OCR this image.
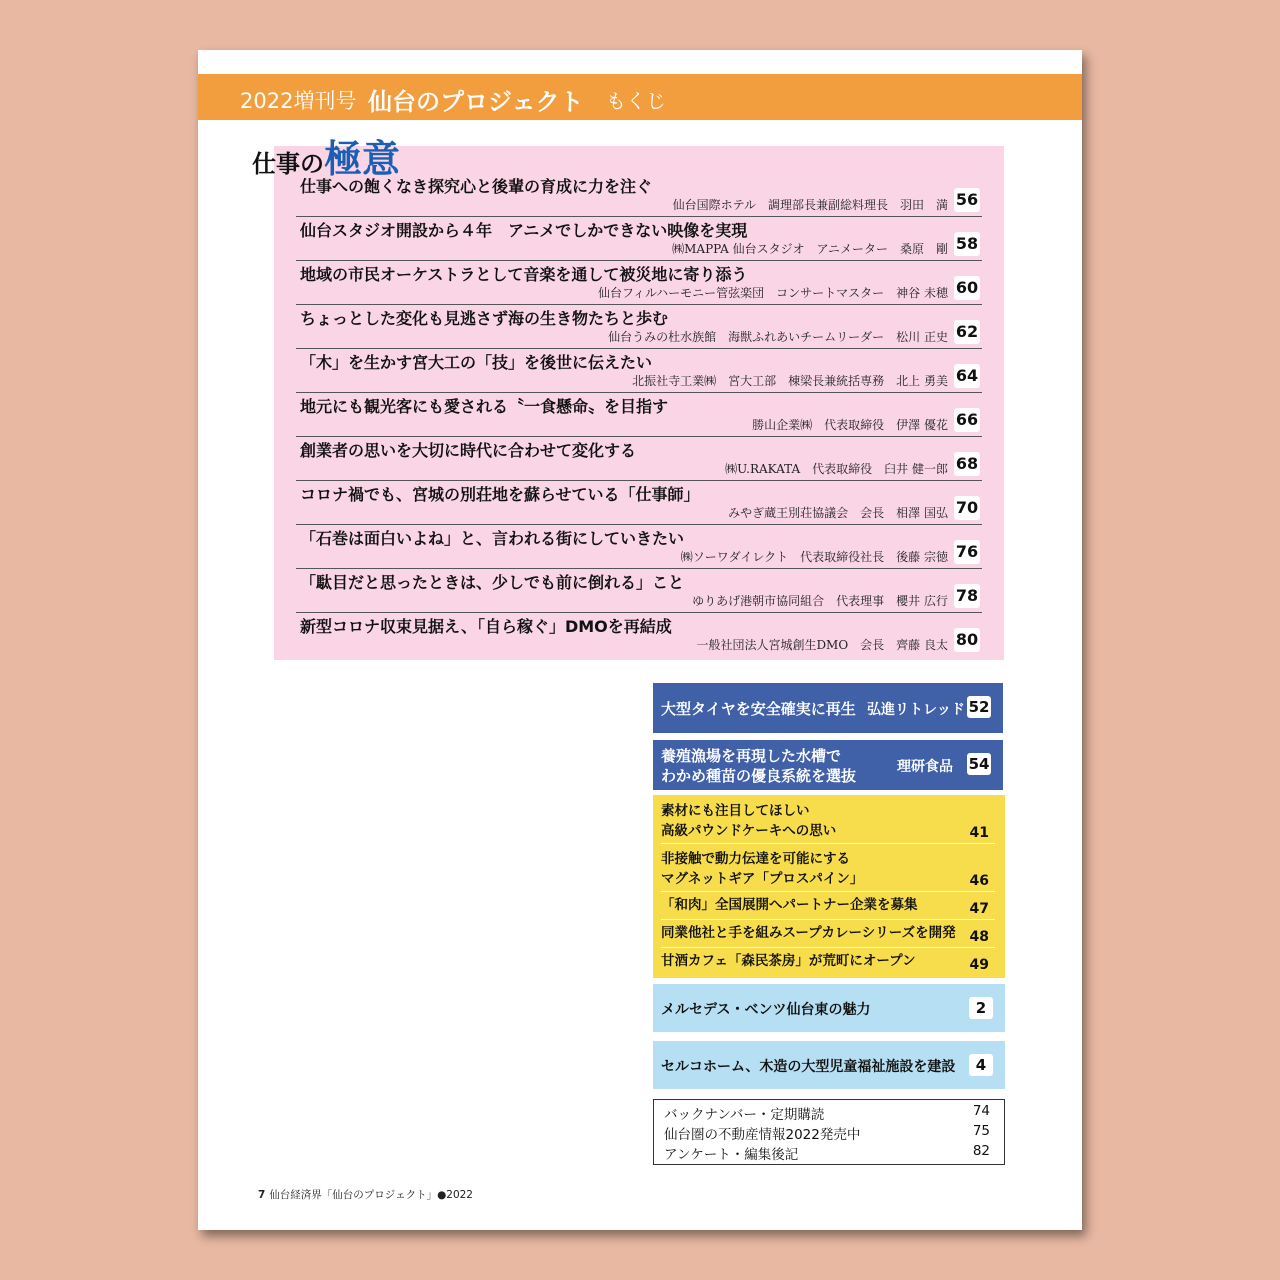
2022増刊号 仙台のプロジェクト もくじ
仕事への飽くなき探究心と後輩の育成に力を注ぐ
仙台国際ホテル　調理部長兼副総料理長　羽田　満 56
仙台スタジオ開設から４年　アニメでしかできない映像を実現
㈱MAPPA 仙台スタジオ　アニメーター　桑原　剛 58
地域の市民オーケストラとして音楽を通して被災地に寄り添う
仙台フィルハーモニー管弦楽団　コンサートマスター　神谷 未穂 60
ちょっとした変化も見逃さず海の生き物たちと歩む
仙台うみの杜水族館　海獣ふれあいチームリーダー　松川 正史 62
「木」を生かす宮大工の「技」を後世に伝えたい
北振社寺工業㈱　宮大工部　棟梁長兼統括専務　北上 勇美 64
地元にも観光客にも愛される〝一食懸命〟を目指す
勝山企業㈱　代表取締役　伊澤 優花 66
創業者の思いを大切に時代に合わせて変化する
㈱U.RAKATA　代表取締役　臼井 健一郎 68
コロナ禍でも、宮城の別荘地を蘇らせている「仕事師」
みやぎ蔵王別荘協議会　会長　相澤 国弘 70
「石巻は面白いよね」と、言われる街にしていきたい
㈱ソーワダイレクト　代表取締役社長　後藤 宗徳 76
「駄目だと思ったときは、少しでも前に倒れる」こと
ゆりあげ港朝市協同組合　代表理事　櫻井 広行 78
新型コロナ収束見据え、「自ら稼ぐ」DMOを再結成
一般社団法人宮城創生DMO　会長　齊藤 良太 80
仕事の極意
大型タイヤを安全確実に再生 弘進リトレッド 52
養殖漁場を再現した水槽で
わかめ種苗の優良系統を選抜	理研食品 54
素材にも注目してほしい
高級パウンドケーキへの思い	41
非接触で動力伝達を可能にする
マグネットギア「プロスパイン」	46
「和肉」全国展開へパートナー企業を募集	47
同業他社と手を組みスープカレーシリーズを開発 48
甘酒カフェ「森民茶房」が荒町にオープン	49
メルセデス・ベンツ仙台東の魅力	2
セルコホーム、木造の大型児童福祉施設を建設	4
バックナンバー・定期購読	74
仙台圏の不動産情報2022発売中	75
アンケート・編集後記	82
7 仙台経済界「仙台のプロジェクト」●2022
